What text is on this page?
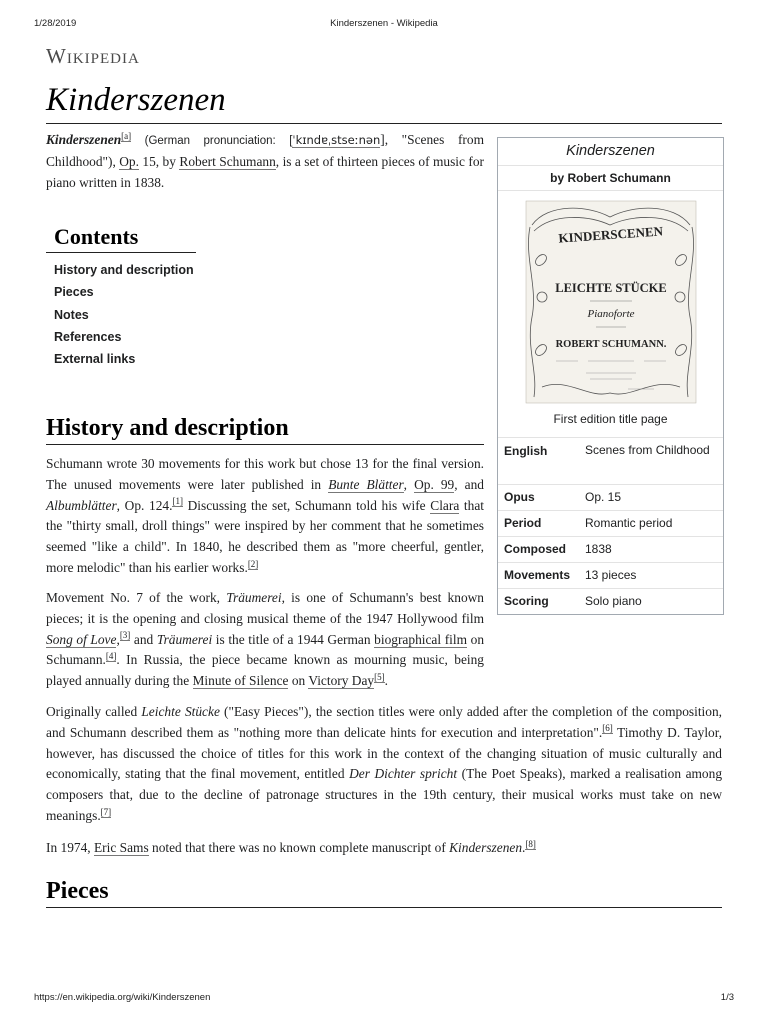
1/28/2019	Kinderszenen - Wikipedia
Wikipedia
Kinderszenen

Kinderszenen[a] (German pronunciation: [ˈkɪndɐˌstseːnən], "Scenes from Childhood"), Op. 15, by Robert Schumann, is a set of thirteen pieces of music for piano written in 1838.

Contents
History and description
Pieces
Notes
References
External links
History and description

Schumann wrote 30 movements for this work but chose 13 for the final version. The unused movements were later published in Bunte Blätter, Op. 99, and Albumblätter, Op. 124.[1] Discussing the set, Schumann told his wife Clara that the "thirty small, droll things" were inspired by her comment that he sometimes seemed "like a child". In 1840, he described them as "more cheerful, gentler, more melodic" than his earlier works.[2]

Movement No. 7 of the work, Träumerei, is one of Schumann's best known pieces; it is the opening and closing musical theme of the 1947 Hollywood film Song of Love,[3] and Träumerei is the title of a 1944 German biographical film on Schumann.[4]. In Russia, the piece became known as mourning music, being played annually during the Minute of Silence on Victory Day[5].

Originally called Leichte Stücke ("Easy Pieces"), the section titles were only added after the completion of the composition, and Schumann described them as "nothing more than delicate hints for execution and interpretation".[6] Timothy D. Taylor, however, has discussed the choice of titles for this work in the context of the changing situation of music culturally and economically, stating that the final movement, entitled Der Dichter spricht (The Poet Speaks), marked a realisation among composers that, due to the decline of patronage structures in the 19th century, their musical works must take on new meanings.[7]

In 1974, Eric Sams noted that there was no known complete manuscript of Kinderszenen.[8]

Pieces
Kinderszenen
by Robert Schumann
KINDERSCENEN
LEICHTE STÜCKE
Pianoforte
ROBERT SCHUMANN.
First edition title page
English	Scenes from Childhood
Opus	Op. 15
Period	Romantic period
Composed	1838
Movements	13 pieces
Scoring	Solo piano
https://en.wikipedia.org/wiki/Kinderszenen	1/3
